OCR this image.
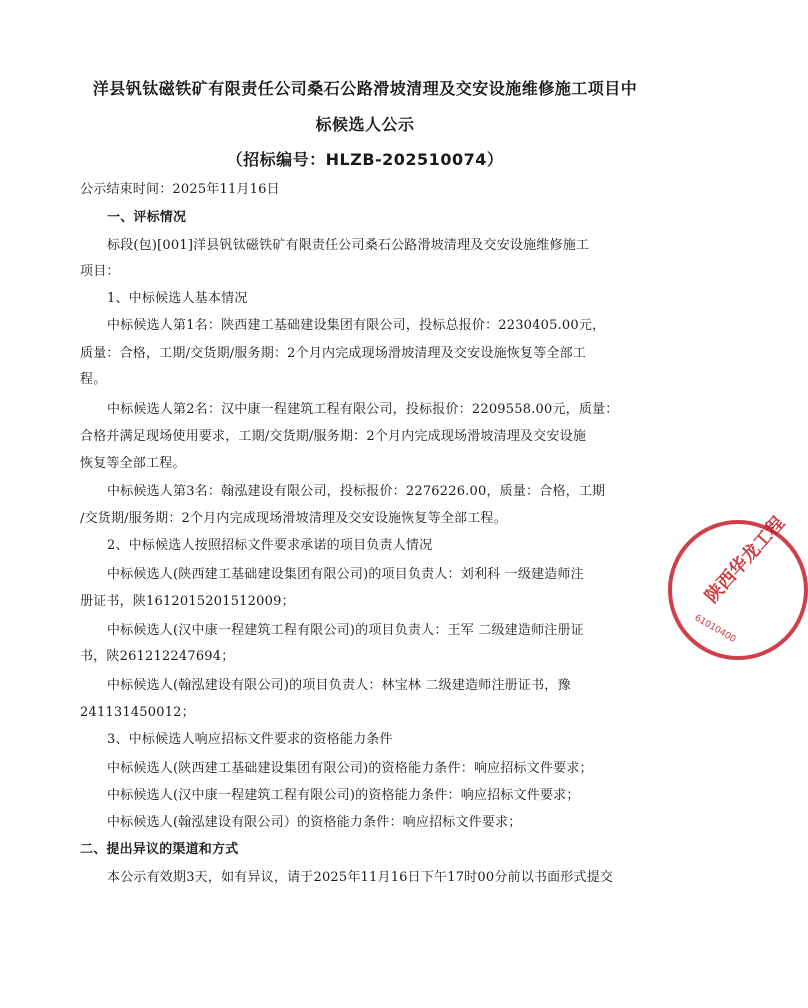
洋县钒钛磁铁矿有限责任公司桑石公路滑坡清理及交安设施维修施工项目中
标候选人公示
（招标编号：HLZB-202510074）
公示结束时间：2025年11月16日
一、评标情况
标段(包)[001]洋县钒钛磁铁矿有限责任公司桑石公路滑坡清理及交安设施维修施工
项目：
1、中标候选人基本情况
中标候选人第1名：陕西建工基础建设集团有限公司，投标总报价：2230405.00元，
质量：合格，工期/交货期/服务期：2个月内完成现场滑坡清理及交安设施恢复等全部工
程。
中标候选人第2名：汉中康一程建筑工程有限公司，投标报价：2209558.00元，质量：
合格并满足现场使用要求，工期/交货期/服务期：2个月内完成现场滑坡清理及交安设施
恢复等全部工程。
中标候选人第3名：翰泓建设有限公司，投标报价：2276226.00，质量：合格，工期
/交货期/服务期：2个月内完成现场滑坡清理及交安设施恢复等全部工程。
2、中标候选人按照招标文件要求承诺的项目负责人情况
中标候选人(陕西建工基础建设集团有限公司)的项目负责人：刘利科 一级建造师注
册证书，陕1612015201512009；
中标候选人(汉中康一程建筑工程有限公司)的项目负责人：王军 二级建造师注册证
书，陕261212247694；
中标候选人(翰泓建设有限公司)的项目负责人：林宝林 二级建造师注册证书，豫
241131450012；
3、中标候选人响应招标文件要求的资格能力条件
中标候选人(陕西建工基础建设集团有限公司)的资格能力条件：响应招标文件要求；
中标候选人(汉中康一程建筑工程有限公司)的资格能力条件：响应招标文件要求；
中标候选人(翰泓建设有限公司）的资格能力条件：响应招标文件要求；
二、提出异议的渠道和方式
本公示有效期3天，如有异议，请于2025年11月16日下午17时00分前以书面形式提交
陕西华龙工程
61010400
